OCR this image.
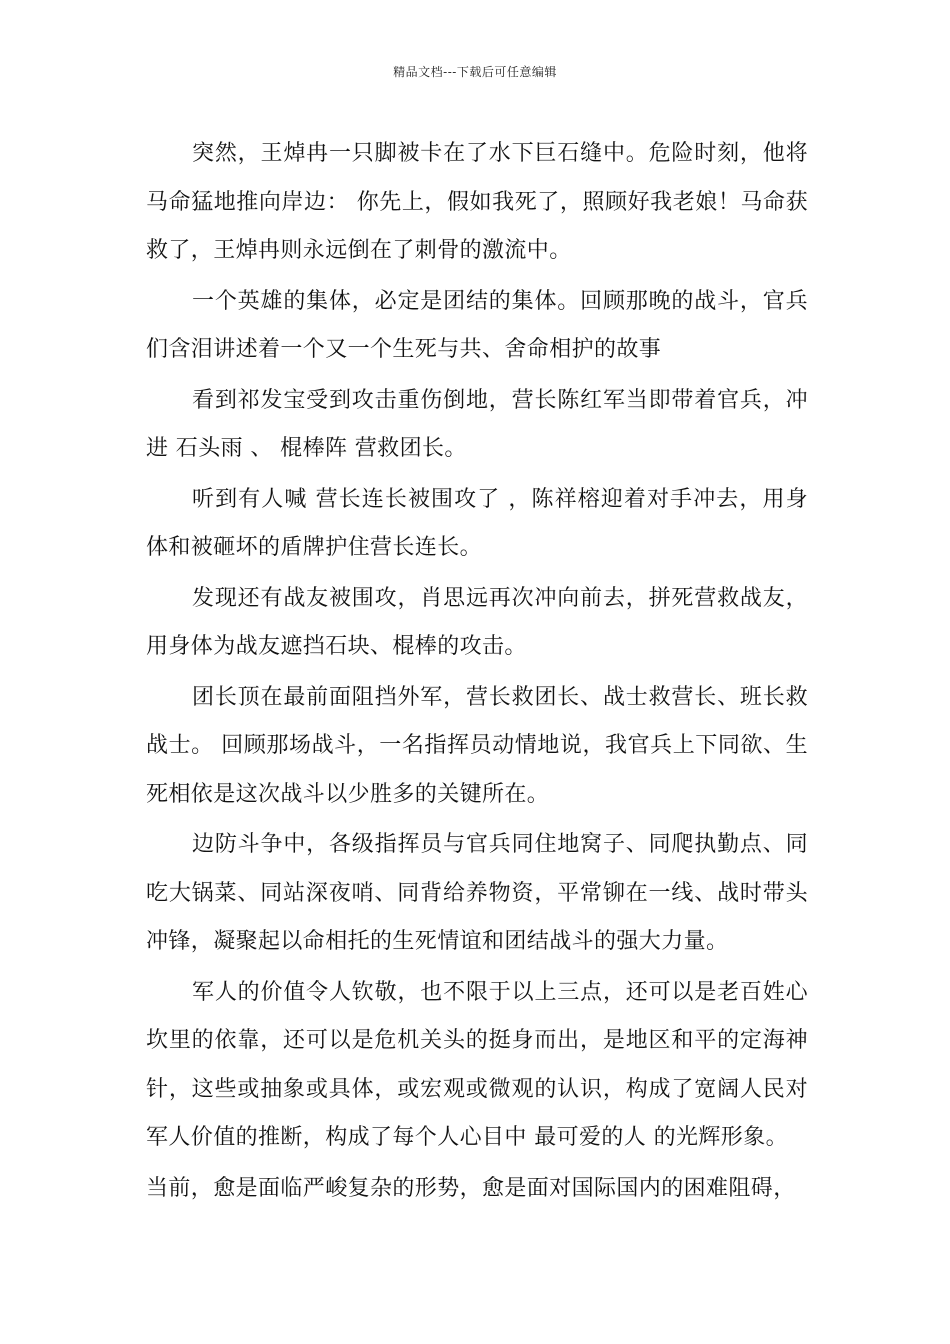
精品文档---下载后可任意编辑

突然，王焯冉一只脚被卡在了水下巨石缝中。危险时刻，他将马命猛地推向岸边： 你先上，假如我死了，照顾好我老娘！马命获救了，王焯冉则永远倒在了刺骨的激流中。

一个英雄的集体，必定是团结的集体。回顾那晚的战斗，官兵们含泪讲述着一个又一个生死与共、舍命相护的故事

看到祁发宝受到攻击重伤倒地，营长陈红军当即带着官兵，冲进 石头雨 、 棍棒阵 营救团长。

听到有人喊 营长连长被围攻了 ，陈祥榕迎着对手冲去，用身体和被砸坏的盾牌护住营长连长。

发现还有战友被围攻，肖思远再次冲向前去，拼死营救战友，用身体为战友遮挡石块、棍棒的攻击。

团长顶在最前面阻挡外军，营长救团长、战士救营长、班长救战士。 回顾那场战斗，一名指挥员动情地说，我官兵上下同欲、生死相依是这次战斗以少胜多的关键所在。

边防斗争中，各级指挥员与官兵同住地窝子、同爬执勤点、同吃大锅菜、同站深夜哨、同背给养物资，平常铆在一线、战时带头冲锋，凝聚起以命相托的生死情谊和团结战斗的强大力量。

军人的价值令人钦敬，也不限于以上三点，还可以是老百姓心坎里的依靠，还可以是危机关头的挺身而出，是地区和平的定海神针，这些或抽象或具体，或宏观或微观的认识，构成了宽阔人民对军人价值的推断，构成了每个人心目中 最可爱的人 的光辉形象。

当前，愈是面临严峻复杂的形势，愈是面对国际国内的困难阻碍，
